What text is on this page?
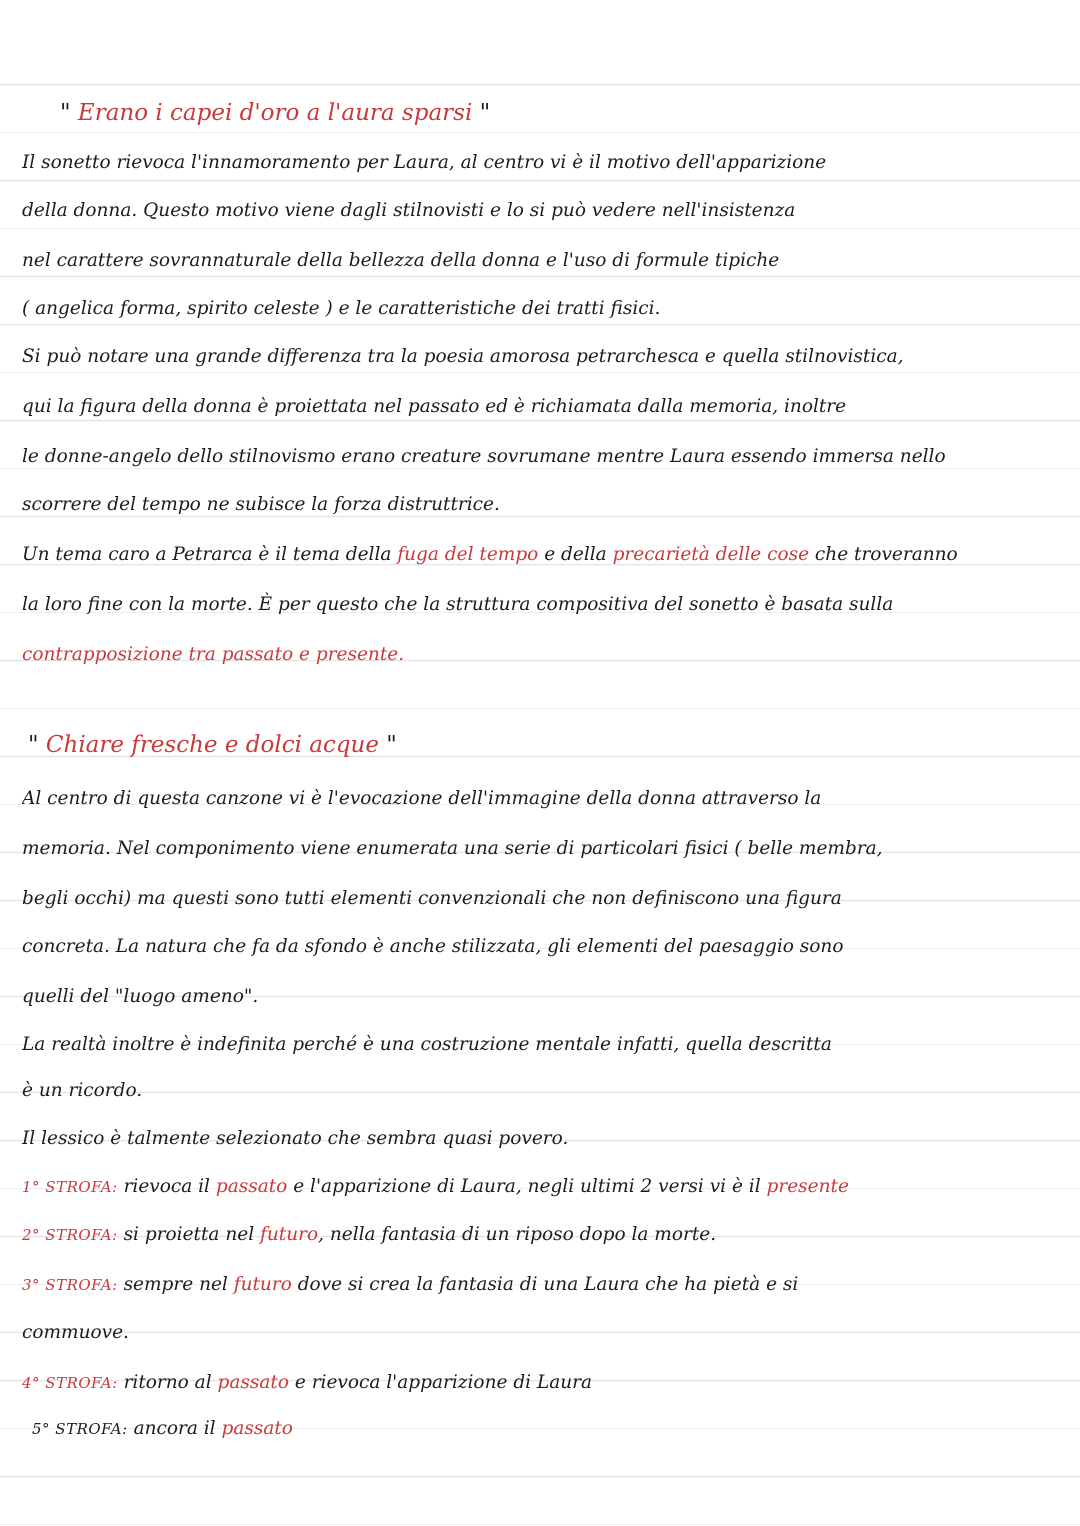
" Erano i capei d'oro a l'aura sparsi "
Il sonetto rievoca l'innamoramento per Laura, al centro vi è il motivo dell'apparizione
della donna. Questo motivo viene dagli stilnovisti e lo si può vedere nell'insistenza
nel carattere sovrannaturale della bellezza della donna e l'uso di formule tipiche
( angelica forma, spirito celeste ) e le caratteristiche dei tratti fisici.
Si può notare una grande differenza tra la poesia amorosa petrarchesca e quella stilnovistica,
qui la figura della donna è proiettata nel passato ed è richiamata dalla memoria, inoltre
le donne-angelo dello stilnovismo erano creature sovrumane mentre Laura essendo immersa nello
scorrere del tempo ne subisce la forza distruttrice.
Un tema caro a Petrarca è il tema della fuga del tempo e della precarietà delle cose che troveranno
la loro fine con la morte. È per questo che la struttura compositiva del sonetto è basata sulla
contrapposizione tra passato e presente.
" Chiare fresche e dolci acque "
Al centro di questa canzone vi è l'evocazione dell'immagine della donna attraverso la
memoria. Nel componimento viene enumerata una serie di particolari fisici ( belle membra,
begli occhi) ma questi sono tutti elementi convenzionali che non definiscono una figura
concreta. La natura che fa da sfondo è anche stilizzata, gli elementi del paesaggio sono
quelli del "luogo ameno".
La realtà inoltre è indefinita perché è una costruzione mentale infatti, quella descritta
è un ricordo.
Il lessico è talmente selezionato che sembra quasi povero.
1° STROFA: rievoca il passato e l'apparizione di Laura, negli ultimi 2 versi vi è il presente
2° STROFA: si proietta nel futuro, nella fantasia di un riposo dopo la morte.
3° STROFA: sempre nel futuro dove si crea la fantasia di una Laura che ha pietà e si
commuove.
4° STROFA: ritorno al passato e rievoca l'apparizione di Laura
5° STROFA: ancora il passato
